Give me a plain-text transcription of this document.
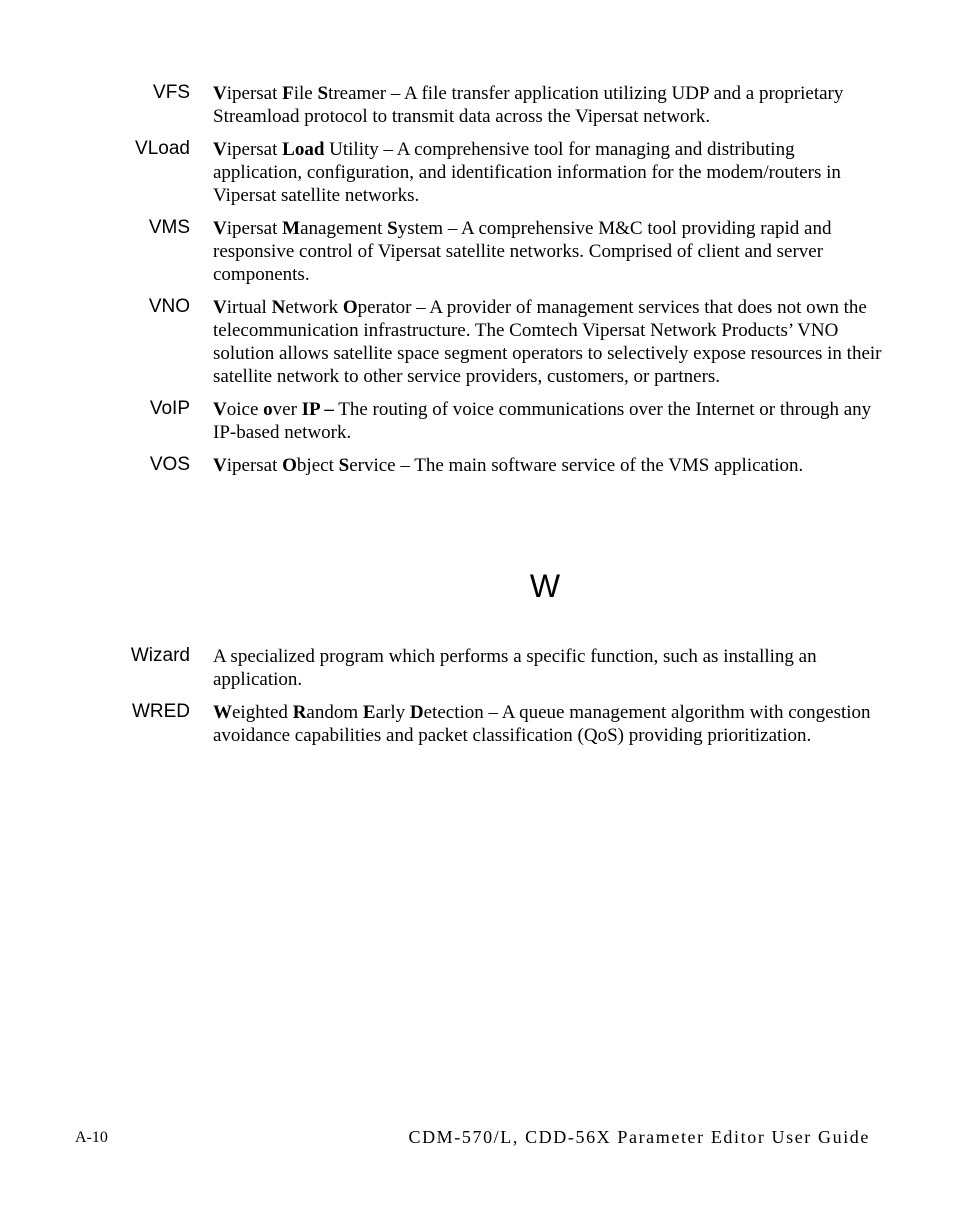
VFS Vipersat File Streamer – A file transfer application utilizing UDP and a proprietary Streamload protocol to transmit data across the Vipersat network.
VLoad Vipersat Load Utility – A comprehensive tool for managing and distributing application, configuration, and identification information for the modem/routers in Vipersat satellite networks.
VMS Vipersat Management System – A comprehensive M&C tool providing rapid and responsive control of Vipersat satellite networks. Comprised of client and server components.
VNO Virtual Network Operator – A provider of management services that does not own the telecommunication infrastructure. The Comtech Vipersat Network Products’ VNO solution allows satellite space segment operators to selectively expose resources in their satellite network to other service providers, customers, or partners.
VoIP Voice over IP – The routing of voice communications over the Internet or through any IP-based network.
VOS Vipersat Object Service – The main software service of the VMS application.
W
Wizard A specialized program which performs a specific function, such as installing an application.
WRED Weighted Random Early Detection – A queue management algorithm with congestion avoidance capabilities and packet classification (QoS) providing prioritization.
A-10	CDM-570/L, CDD-56X Parameter Editor User Guide
